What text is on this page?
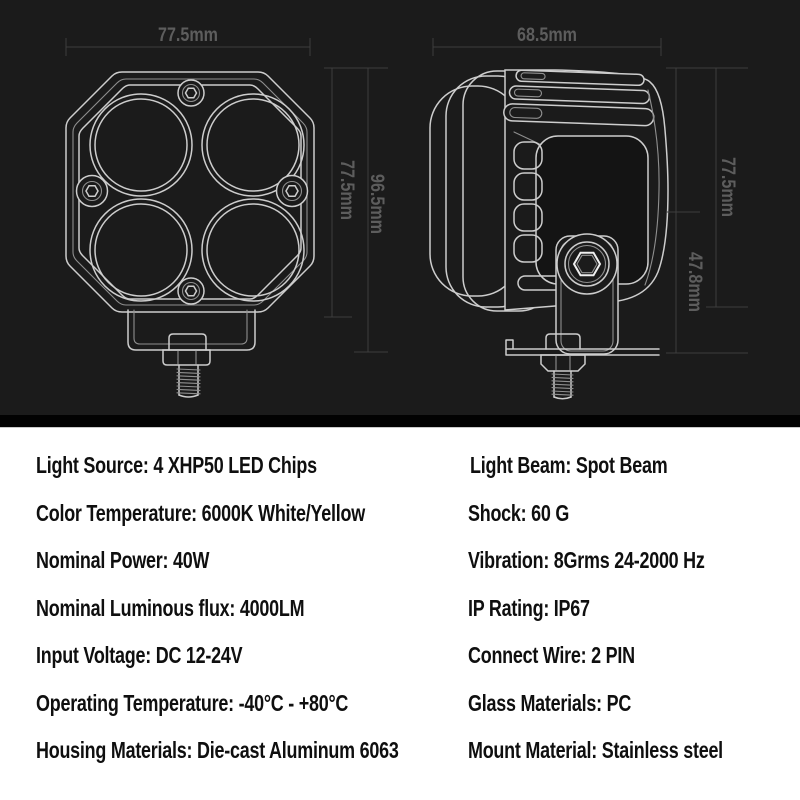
77.5mm
77.5mm 96.5mm
68.5mm
77.5mm
47.8mm
Light Source: 4 XHP50 LED Chips
Color Temperature: 6000K White/Yellow
Nominal Power: 40W
Nominal Luminous flux: 4000LM
Input Voltage: DC 12-24V
Operating Temperature: -40°C - +80°C
Housing Materials: Die-cast Aluminum 6063
Light Beam: Spot Beam
Shock: 60 G
Vibration: 8Grms 24-2000 Hz
IP Rating: IP67
Connect Wire: 2 PIN
Glass Materials: PC
Mount Material: Stainless steel
